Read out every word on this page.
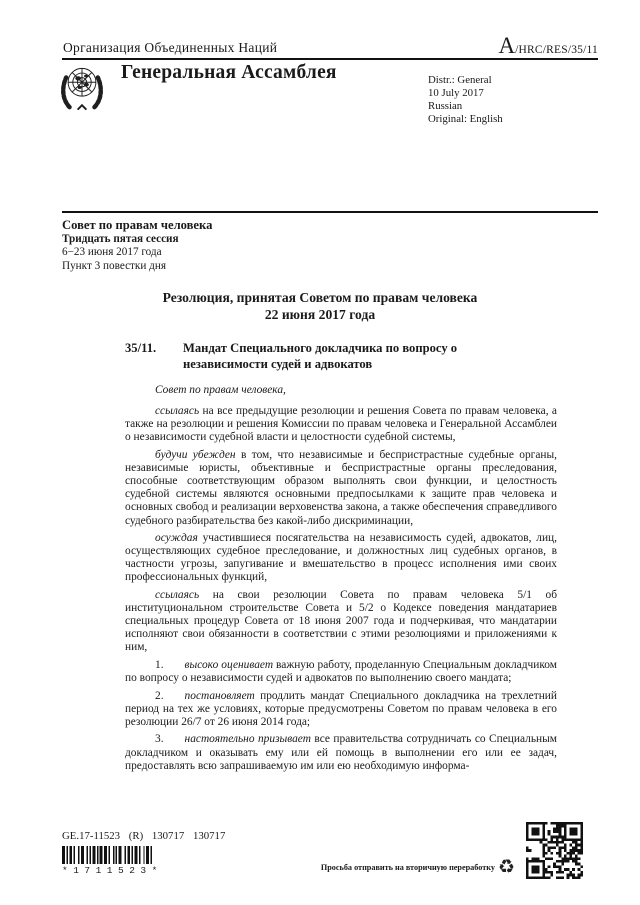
Организация Объединенных Наций	A /HRC/RES/35/11
Генеральная Ассамблея	Distr.: General
10 July 2017
Russian
Original: English
Совет по правам человека
Тридцать пятая сессия
6−23 июня 2017 года
Пункт 3 повестки дня
Резолюция, принятая Советом по правам человека
22 июня 2017 года
35/11.	Мандат Специального докладчика по вопросу о независимости судей и адвокатов

Совет по правам человека,

ссылаясь на все предыдущие резолюции и решения Совета по правам человека, а также на резолюции и решения Комиссии по правам человека и Генеральной Ассамблеи о независимости судебной власти и целостности судебной системы,

будучи убежден в том, что независимые и беспристрастные судебные органы, независимые юристы, объективные и беспристрастные органы преследования, способные соответствующим образом выполнять свои функции, и целостность судебной системы являются основными предпосылками к защите прав человека и основных свобод и реализации верховенства закона, а также обеспечения справедливого судебного разбирательства без какой-либо дискриминации,

осуждая участившиеся посягательства на независимость судей, адвокатов, лиц, осуществляющих судебное преследование, и должностных лиц судебных органов, в частности угрозы, запугивание и вмешательство в процесс исполнения ими своих профессиональных функций,

ссылаясь на свои резолюции Совета по правам человека 5/1 об институциональном строительстве Совета и 5/2 о Кодексе поведения мандатариев специальных процедур Совета от 18 июня 2007 года и подчеркивая, что мандатарии исполняют свои обязанности в соответствии с этими резолюциями и приложениями к ним,

1. высоко оценивает важную работу, проделанную Специальным докладчиком по вопросу о независимости судей и адвокатов по выполнению своего мандата;

2. постановляет продлить мандат Специального докладчика на трехлетний период на тех же условиях, которые предусмотрены Советом по правам человека в его резолюции 26/7 от 26 июня 2014 года;

3. настоятельно призывает все правительства сотрудничать со Специальным докладчиком и оказывать ему или ей помощь в выполнении его или ее задач, предоставлять всю запрашиваемую им или ею необходимую информа-

GE.17-11523 (R) 130717 130717
*1711523*	Просьба отправить на вторичную переработку ♻
